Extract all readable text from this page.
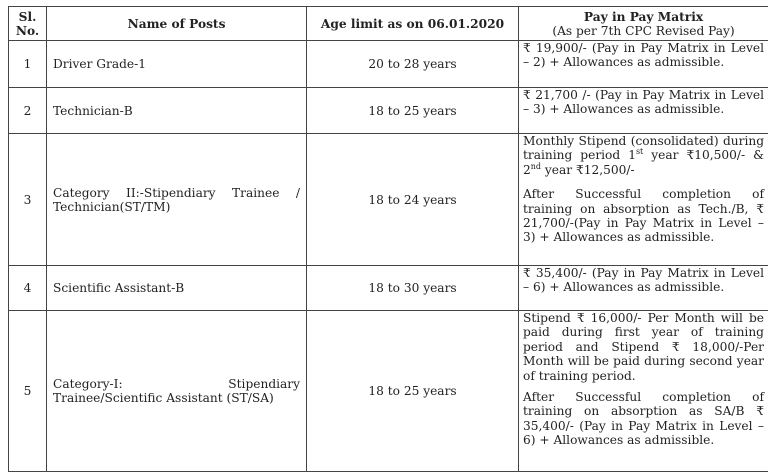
Sl. No.	Name of Posts	Age limit as on 06.01.2020	Pay in Pay Matrix
(As per 7th CPC Revised Pay)

1	Driver Grade-1	20 to 28 years	₹ 19,900/- (Pay in Pay Matrix in Level – 2) + Allowances as admissible.

2	Technician-B	18 to 25 years	₹ 21,700 /- (Pay in Pay Matrix in Level – 3) + Allowances as admissible.

3	Category II:-Stipendiary Trainee / Technician(ST/TM)	18 to 24 years	Monthly Stipend (consolidated) during training period 1st year ₹10,500/- & 2nd year ₹12,500/-
After Successful completion of training on absorption as Tech./B, ₹ 21,700/-(Pay in Pay Matrix in Level – 3) + Allowances as admissible.

4	Scientific Assistant-B	18 to 30 years	₹ 35,400/- (Pay in Pay Matrix in Level – 6) + Allowances as admissible.

5	Category-I: Stipendiary Trainee/Scientific Assistant (ST/SA)	18 to 25 years	Stipend ₹ 16,000/- Per Month will be paid during first year of training period and Stipend ₹ 18,000/-Per Month will be paid during second year of training period.
After Successful completion of training on absorption as SA/B ₹ 35,400/- (Pay in Pay Matrix in Level – 6) + Allowances as admissible.
